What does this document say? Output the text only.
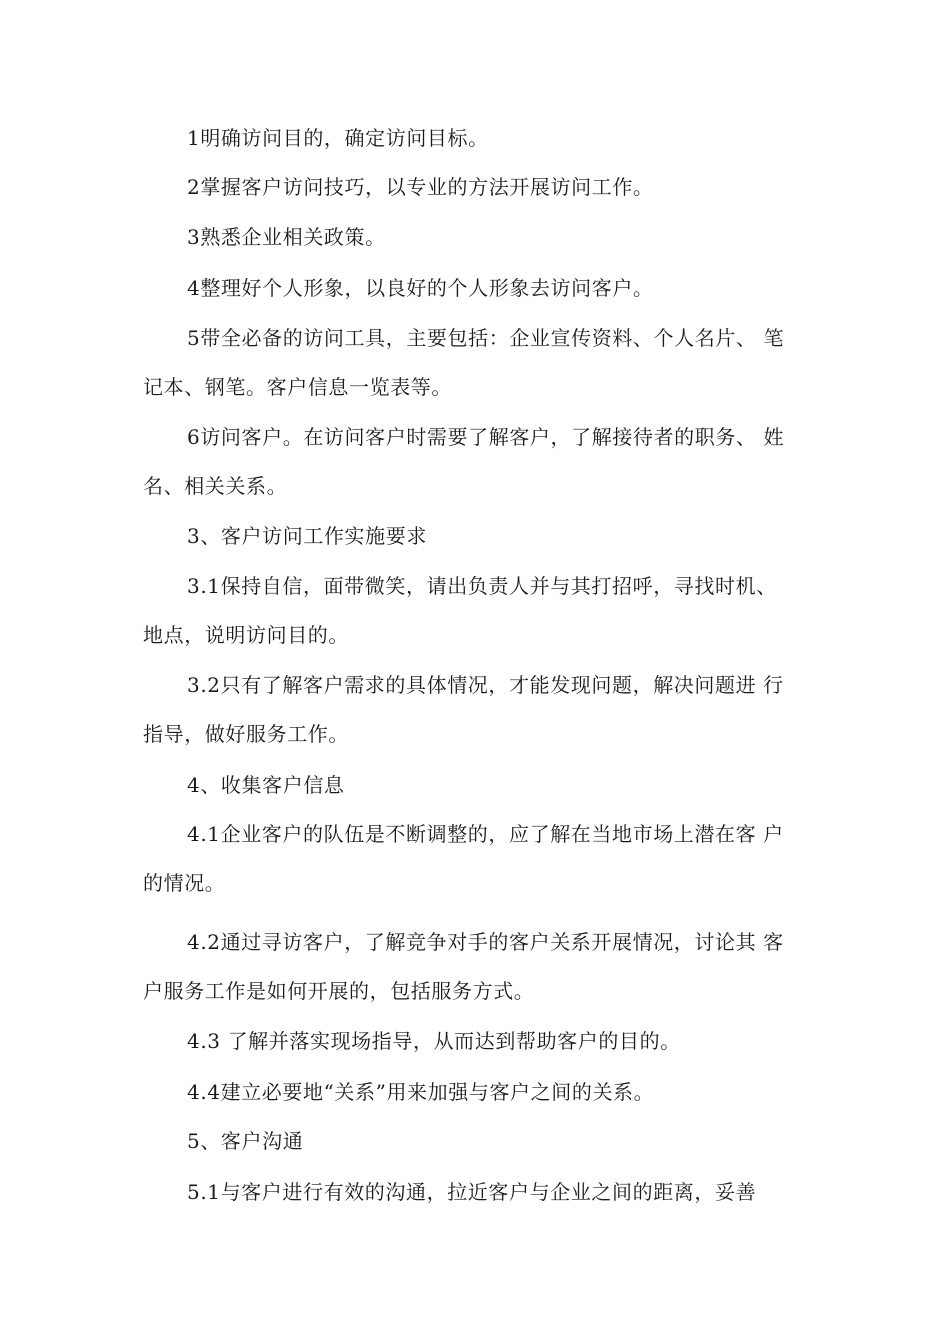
1明确访问目的，确定访问目标。
2掌握客户访问技巧，以专业的方法开展访问工作。
3熟悉企业相关政策。
4整理好个人形象，以良好的个人形象去访问客户。
5带全必备的访问工具，主要包括：企业宣传资料、个人名片、 笔
记本、钢笔。客户信息一览表等。
6访问客户。在访问客户时需要了解客户，了解接待者的职务、 姓
名、相关关系。
3、客户访问工作实施要求
3.1保持自信，面带微笑，请出负责人并与其打招呼，寻找时机、
地点，说明访问目的。
3.2只有了解客户需求的具体情况，才能发现问题，解决问题进 行
指导，做好服务工作。
4、收集客户信息
4.1企业客户的队伍是不断调整的，应了解在当地市场上潜在客 户
的情况。
4.2通过寻访客户，了解竞争对手的客户关系开展情况，讨论其 客
户服务工作是如何开展的，包括服务方式。
4.3 了解并落实现场指导，从而达到帮助客户的目的。
4.4建立必要地“关系”用来加强与客户之间的关系。
5、客户沟通
5.1与客户进行有效的沟通，拉近客户与企业之间的距离，妥善
